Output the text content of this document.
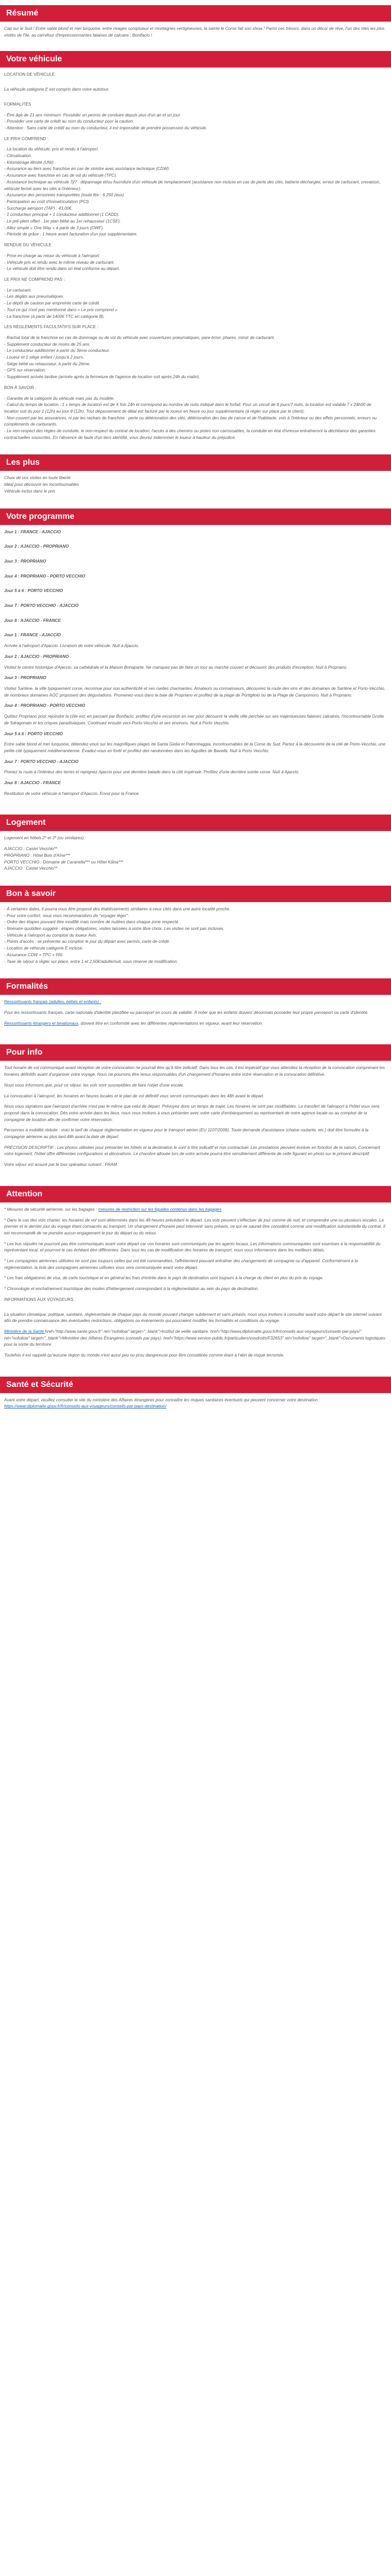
Résumé

Cap sur le Sud ! Entre sable blond et mer turquoise, entre rivages somptueux et montagnes vertigineuses, la sainte le Corse fait son show ! Parmi ces trésors, dans un décor de rêve, l'un des rites les plus visités de l'île, au carrefour d'impressionnantes falaises de calcaire : Bonifacio !

Votre véhicule

LOCATION DE VÉHICULE

La véhicule catégorie E est compris dans votre autotour.

FORMALITÉS

- Être âgé de 21 ans minimum. Posséder un permis de conduire depuis plus d'un an et un jour.
- Posséder une carte de crédit au nom du conducteur pour la caution.
- Attention : Sans carte de crédit au nom du conducteur, il est impossible de prendre possession du véhicule.

LE PRIX COMPREND :

- La location du véhicule, prix et rendu à l'aéroport.
- Climatisation.
- Kilométrage illimité (UNI).
- Assurance au tiers avec franchise en cas de sinistre avec assistance technique (CDW).
- Assurance avec franchise en cas de vol du véhicule (TPC).
- Assistance technique au véhicule 7j/7 : dépannage et/ou fourniture d'un véhicule de remplacement (assistance non incluse en cas de perte des clés, batterie déchargée, erreur de carburant, crevaison, véhicule fermé avec les clés à l'intérieur).
- Assurance des personnes transportées (toute fée : 6.250 (eux).
- Participation au coût d'immatriculation (PCI).
- Surcharge aéroport (TAP) : 43,00€.
- 1 conducteur principal + 1 conducteur additionnel (1 CADD).
- Le pré-plein offert : 1er plan bébé au 1er rehausseur (1CSE).
- Allez simple « One Way » à partir de 3 jours (OWF).
- Période de grâce : 1 heure avant facturation d'un jour supplémentaire.

RENDUE DU VÉHICULE

- Prise en charge au retour du véhicule à l'aéroport.
- Véhicule pris et rendu avec le même niveau de carburant.
- Le véhicule doit être rendu dans un état conforme au départ.

LE PRIX NE COMPREND PAS :

- Le carburant.
- Les dégâts aux pneumatiques.
- Le dépôt de caution par empreinte carte de crédit.
- Tout ce qui n'est pas mentionné dans « Le prix comprend ».
- La franchise (à partir de 1400€ TTC en catégorie B).

LES RÈGLEMENTS FACULTATIFS SUR PLACE :

- Rachat total de la franchise en cas de dommage ou de vol du véhicule avec couvertures pneumatiques, pare-brise, phares, miroir de carburant.
- Supplément conducteur de moins de 25 ans.
- Le conducteur additionnel à partir du 3ème conducteur.
- Loueur et 1 siège enfant / jusqu'à 2 jours.
- Siège bébé ou rehausseur, à partir du 2ème.
- GPS sur réservation.
- Supplément arrivée tardive (arrivée après la fermeture de l'agence de location soit après 24h du matin).

BON À SAVOIR :

- Garantie de la catégorie du véhicule mais pas du modèle.
- Calcul du temps de location : 1 x temps de location est de X fois 24h et correspond au nombre de nuits indiqué dans le forfait. Pour un circuit de 8 jours/7 nuits, la location est valable 7 x 24h00 de location soit du jour 1 (12h) au jour 8 (12h). Tout dépassement de délai est facturé par le loueur en heure ou jour supplémentaire (à régler sur place par le client).
- Non couvert par les assurances, ni par les rachats de franchise : perte ou détérioration des clés, détérioration des bas de caisse et de l'habitacle, vols à l'intérieur ou des effets personnels, erreurs ou compléments de carburants.
- Le non-respect des règles de conduite, le non-respect du contrat de location, l'accès à des chemins ou pistes non carrossables, la conduite en état d'ivresse entraîneront la déchéance des garanties contractuelles souscrites. En l'absence de faute d'un tiers identifié, vous devrez indemniser le loueur à hauteur du préjudice.
Les plus
Choix de vos visites en toute liberté
Idéal pour découvrir les incontournables
Véhicule inclus dans le prix
Votre programme

Jour 1 : FRANCE - AJACCIO

Jour 2 : AJACCIO - PROPRIANO

Jour 3 : PROPRIANO

Jour 4 : PROPRIANO - PORTO VECCHIO

Jour 5 à 6 : PORTO VECCHIO

Jour 7 : PORTO VECCHIO - AJACCIO

Jour 8 : AJACCIO - FRANCE

Jour 1 : FRANCE - AJACCIO

Arrivée à l'aéroport d'Ajaccio. Livraison de votre véhicule. Nuit à Ajaccio.

Jour 2 : AJACCIO - PROPRIANO

Visitez le centre historique d'Ajaccio, sa cathédrale et la Maison Bonaparte. Ne manquez pas de faire un tour au marché couvert et découvrir des produits d'exception. Nuit à Propriano.

Jour 3 : PROPRIANO

Visitez Sartène, la ville typiquement corse, reconnue pour son authenticité et ses ruelles charmantes. Amateurs ou connaisseurs, découvrez la route des vins et des domaines de Sartène et Porto-Vecchio, de nombreux domaines AOC proposent des dégustations. Promenez-vous dans la baie de Propriano et profitez de la plage de Portigliolo ou de la Plage de Campomoro. Nuit à Propriano.

Jour 4 : PROPRIANO - PORTO VECCHIO

Quittez Propriano pour rejoindre la côte est, en passant par Bonifacio, profitez d'une excursion en mer pour découvrir la vieille ville perchée sur ses majestueuses falaises calcaires, l'incontournable Grotte de Sdragonato et les criques paradisiaques. Continuez ensuite vers Porto-Vecchio et ses environs. Nuit à Porto Vecchio.

Jour 5 à 6 : PORTO VECCHIO

Entre sable blond et mer turquoise, détendez-vous sur les magnifiques plages de Santa Giulia et Palombaggia, incontournables de la Corse du Sud. Partez à la découverte de la cité de Porto-Vecchio, une petite cité typiquement méditerranéenne. Évadez-vous en forêt et profitez des randonnées dans les Aiguilles de Bavella. Nuit à Porto Vecchio.

Jour 7 : PORTO VECCHIO - AJACCIO

Prenez la route à l'intérieur des terres et rejoignez Ajaccio pour une dernière balade dans la cité impériale. Profitez d'une dernière soirée corse. Nuit à Ajaccio.

Jour 8 : AJACCIO - FRANCE

Restitution de votre véhicule à l'aéroport d'Ajaccio. Envol pour la France.

Logement

Logement en hôtels 2* et 3* (ou similaires).

AJACCIO : Castel Vecchio**
PROPRIANO : Hôtel Bois d'Aïne***
PORTO VECCHIO : Domaine de Caranella*** ou Hôtel Kilina***
AJACCIO : Castel Vecchio**
Bon à savoir
- À certaines dates, il pourra vous être proposé des établissements similaires à ceux cités dans une autre localité proche.
- Pour votre confort, nous vous recommandons de "voyager léger".
- Ordre des étapes pouvant être modifié mais nombre de nuitées dans chaque zone respecté.
- Itinéraire quotidien suggéré : étapes obligatoires, visites laissées à votre libre choix. Les visites ne sont pas incluses.
- Véhicule à l'aéroport au comptoir du loueur Avis.
- Points d'accès : se présenter au comptoir le jour du départ avec permis, carte de crédit.
- Location de véhicule catégorie E incluse.
- Assurance CDW + TPC + PAI.
- Taxe de séjour à régler sur place, entre 1 et 2,50€/adulte/nuit, sous réserve de modification.
Formalités

Ressortissants français (adultes, bébés et enfants) :

Pour les ressortissants français, carte nationale d'identité plastifiée ou passeport en cours de validité. À noter que les enfants doivent désormais posséder leur propre passeport ou carte d'identité.

Ressortissants étrangers et binationaux, doivent être en conformité avec les différentes réglementations en vigueur, avant leur réservation.

Pour info

Tout horaire de vol communiqué avant réception de votre convocation ne pourrait être qu'à titre indicatif. Dans tous les cas, il est impératif que vous attendiez la réception de la convocation comprenant les horaires définitifs avant d'organiser votre voyage. Nous ne pourrons être tenus responsables d'un changement d'horaires entre votre réservation et la convocation définitive.

Nous vous informons que, pour ce séjour, les vols sont susceptibles de faire l'objet d'une escale.

La convocation à l'aéroport, les horaires en heures locales et le plan de vol définitif vous seront communiqués dans les 48h avant le départ.

Nous vous signalons que l'aéroport d'arrivée n'est pas le même que celui de départ. Prévoyez donc un temps de trajet. Les horaires ne sont pas modifiables. Le transfert de l'aéroport à l'hôtel vous sera proposé dans la convocation. Dès votre arrivée dans les lieux, nous vous invitons à vous présenter avec votre carte d'embarquement au représentant de notre agence locale ou au comptoir de la compagnie de location afin de confirmer votre réservation.

Personnes à mobilité réduite : voici le tarif de chaque règlementation en vigueur pour le transport aérien (EU 1107/2006). Toute demande d'assistance (chaise roulante, etc.) doit être formulée à la compagnie aérienne au plus tard 48h avant la date de départ.

PRÉCISION DESCRIPTIF : Les photos utilisées pour présenter les hôtels et la destination le sont à titre indicatif et non contractuel. Les prestations peuvent évoluer en fonction de la saison. Concernant votre logement, l'hôtel offre différentes configurations et décorations. Le chambre allouée lors de votre arrivée pourra être sensiblement différente de celle figurant en photo sur le présent descriptif.

Votre séjour est assuré par le tour opérateur suivant : FRAM

Attention

* Mesures de sécurité aérienne, sur les bagages : mesures de restriction sur les liquides contenus dans les bagages

* Dans le cas des vols charter, les horaires de vol sont déterminés dans les 48 heures précédant le départ. Les vols peuvent s'effectuer de jour comme de nuit, et comprendre une ou plusieurs escales. Le premier et le dernier jour du voyage étant consacrés au transport. Un changement d'horaire peut intervenir sans préavis, ce qui ne saurait être considéré comme une modification substantielle du contrat. Il est recommandé de ne prendre aucun engagement le jour du départ ou du retour.

* Les bus stipulés ne pourront pas être communiqués avant votre départ car vos horaires sont communiqués par les agents locaux. Les informations communiquées sont soumises à la responsabilité du représentant local, et pourront le cas échéant être différentes. Dans tous les cas de modification des horaires de transport, nous vous informerons dans les meilleurs délais.

* Les compagnies aériennes utilisées ne sont pas toujours celles qui ont été commandées, l'affrètement pouvant entraîner des changements de compagnie ou d'appareil. Conformément à la réglementation, la liste des compagnies aériennes utilisées vous sera communiquée avant votre départ.

* Les frais obligatoires de visa, de carte touristique et en général les frais d'entrée dans le pays de destination sont toujours à la charge du client en plus du prix du voyage.

* Chronologie et enchaînement touristique des modes d'hébergement correspondant à la réglementation au sein du pays de destination.

INFORMATIONS AUX VOYAGEURS :

La situation climatique, politique, sanitaire, réglementaire de chaque pays du monde pouvant changer subitement et sans préavis, nous vous invitons à consulter avant votre départ le site internet suivant afin de prendre connaissance des éventuelles restrictions, obligations ou événements qui pourraient modifier les formalités et conditions du voyage.

Ministère de la Santé href="http://www.sante.gouv.fr" rel="nofollow" target="_blank">Institut de veille sanitaire. href="http://www.diplomatie.gouv.fr/fr/conseils-aux-voyageurs/conseils-par-pays/" rel="nofollow" target="_blank">Ministère des Affaires Étrangères (conseils par pays). href="https://www.service-public.fr/particuliers/vosdroits/F32653" rel="nofollow" target="_blank">Documents logistiques pour la sortie du territoire.

Toutefois il est rappelé qu'aucune région du monde n'est aussi peu ou prou dangereuse pour être considérée comme étant à l'abri de risque terroriste.

Santé et Sécurité

Avant votre départ, veuillez consulter le site du ministère des Affaires étrangères pour connaître les risques sanitaires éventuels qui peuvent concerner votre destination : https://www.diplomatie.gouv.fr/fr/conseils-aux-voyageurs/conseils-par-pays-destination/
